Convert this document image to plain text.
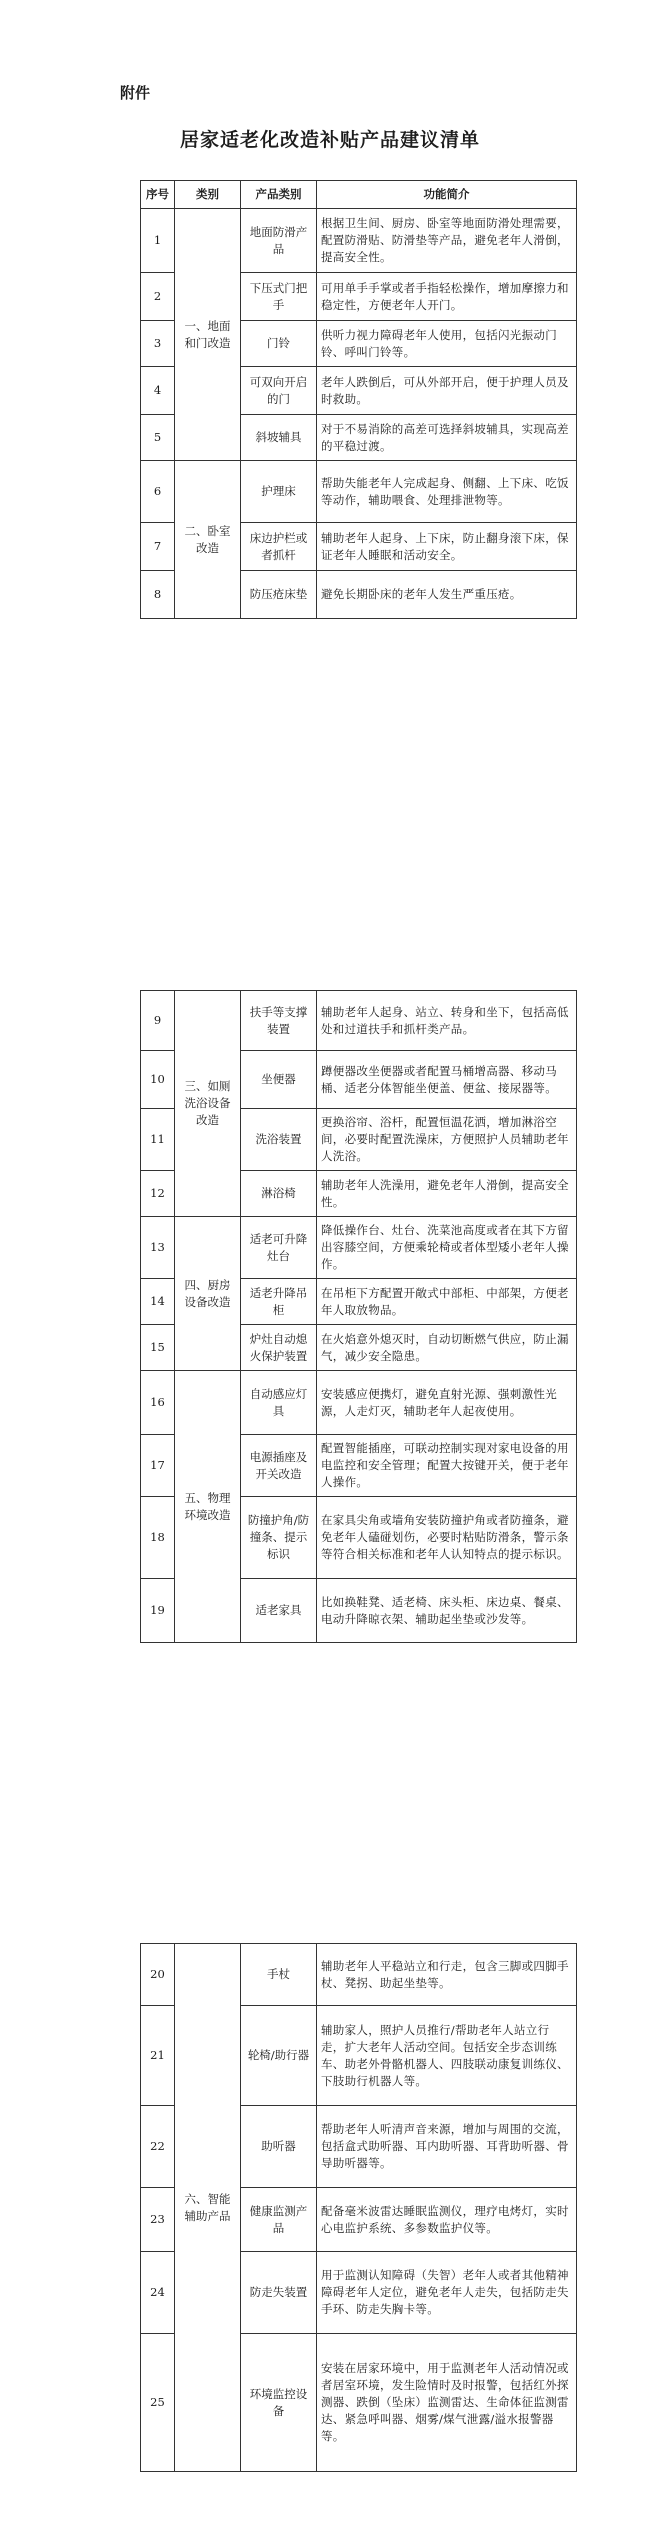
附件
居家适老化改造补贴产品建议清单
序号	类别	产品类别	功能简介
1	一、地面和门改造	地面防滑产品	根据卫生间、厨房、卧室等地面防滑处理需要，配置防滑贴、防滑垫等产品，避免老年人滑倒，提高安全性。
2		下压式门把手	可用单手手掌或者手指轻松操作，增加摩擦力和稳定性，方便老年人开门。
3		门铃	供听力视力障碍老年人使用，包括闪光振动门铃、呼叫门铃等。
4		可双向开启的门	老年人跌倒后，可从外部开启，便于护理人员及时救助。
5		斜坡辅具	对于不易消除的高差可选择斜坡辅具，实现高差的平稳过渡。
6	二、卧室改造	护理床	帮助失能老年人完成起身、侧翻、上下床、吃饭等动作，辅助喂食、处理排泄物等。
7		床边护栏或者抓杆	辅助老年人起身、上下床，防止翻身滚下床，保证老年人睡眠和活动安全。
8		防压疮床垫	避免长期卧床的老年人发生严重压疮。
9	三、如厕洗浴设备改造	扶手等支撑装置	辅助老年人起身、站立、转身和坐下，包括高低处和过道扶手和抓杆类产品。
10		坐便器	蹲便器改坐便器或者配置马桶增高器、移动马桶、适老分体智能坐便盖、便盆、接尿器等。
11		洗浴装置	更换浴帘、浴杆，配置恒温花洒，增加淋浴空间，必要时配置洗澡床，方便照护人员辅助老年人洗浴。
12		淋浴椅	辅助老年人洗澡用，避免老年人滑倒，提高安全性。
13	四、厨房设备改造	适老可升降灶台	降低操作台、灶台、洗菜池高度或者在其下方留出容膝空间，方便乘轮椅或者体型矮小老年人操作。
14		适老升降吊柜	在吊柜下方配置开敞式中部柜、中部架，方便老年人取放物品。
15		炉灶自动熄火保护装置	在火焰意外熄灭时，自动切断燃气供应，防止漏气，减少安全隐患。
16	五、物理环境改造	自动感应灯具	安装感应便携灯，避免直射光源、强刺激性光源，人走灯灭，辅助老年人起夜使用。
17		电源插座及开关改造	配置智能插座，可联动控制实现对家电设备的用电监控和安全管理；配置大按键开关，便于老年人操作。
18		防撞护角/防撞条、提示标识	在家具尖角或墙角安装防撞护角或者防撞条，避免老年人磕碰划伤，必要时粘贴防滑条，警示条等符合相关标准和老年人认知特点的提示标识。
19		适老家具	比如换鞋凳、适老椅、床头柜、床边桌、餐桌、电动升降晾衣架、辅助起坐垫或沙发等。
20	六、智能辅助产品	手杖	辅助老年人平稳站立和行走，包含三脚或四脚手杖、凳拐、助起坐垫等。
21		轮椅/助行器	辅助家人，照护人员推行/帮助老年人站立行走，扩大老年人活动空间。包括安全步态训练车、助老外骨骼机器人、四肢联动康复训练仪、下肢助行机器人等。
22		助听器	帮助老年人听清声音来源，增加与周围的交流，包括盒式助听器、耳内助听器、耳背助听器、骨导助听器等。
23		健康监测产品	配备毫米波雷达睡眠监测仪，理疗电烤灯，实时心电监护系统、多参数监护仪等。
24		防走失装置	用于监测认知障碍（失智）老年人或者其他精神障碍老年人定位，避免老年人走失，包括防走失手环、防走失胸卡等。
25		环境监控设备	安装在居家环境中，用于监测老年人活动情况或者居室环境，发生险情时及时报警，包括红外探测器、跌倒（坠床）监测雷达、生命体征监测雷达、紧急呼叫器、烟雾/煤气泄露/溢水报警器等。
